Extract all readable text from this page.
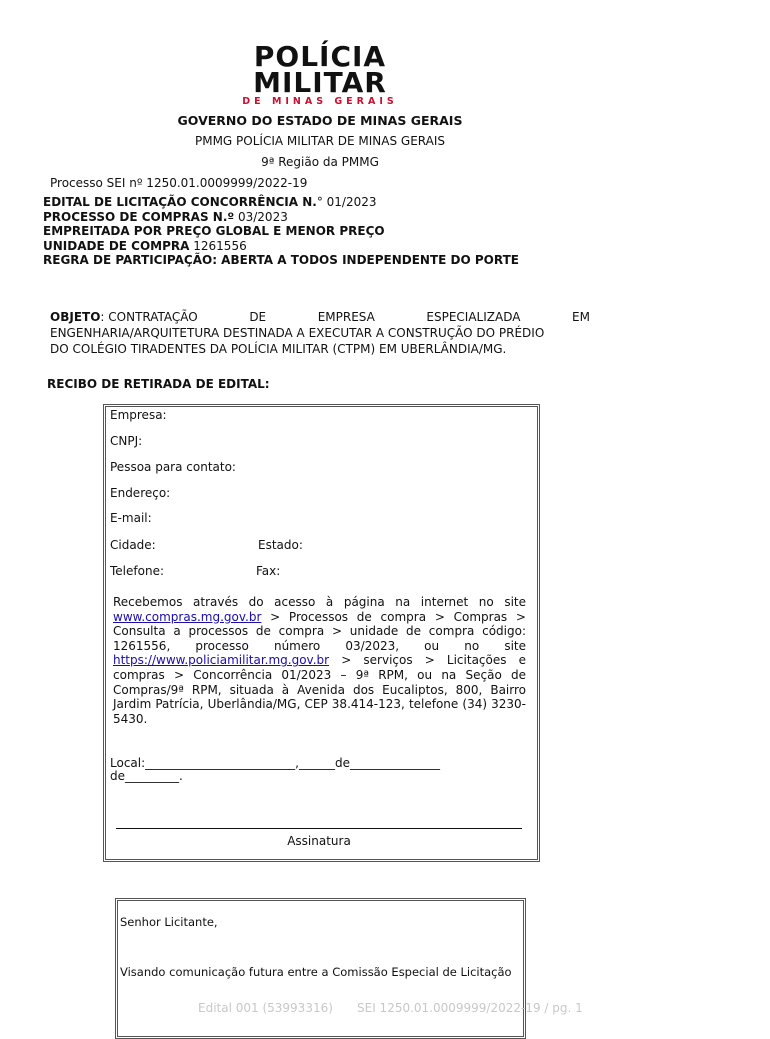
POLÍCIA
MILITAR
DE MINAS GERAIS
GOVERNO DO ESTADO DE MINAS GERAIS
PMMG POLÍCIA MILITAR DE MINAS GERAIS
9ª Região da PMMG
Processo SEI nº 1250.01.0009999/2022-19
EDITAL DE LICITAÇÃO CONCORRÊNCIA N.° 01/2023
PROCESSO DE COMPRAS N.º 03/2023
EMPREITADA POR PREÇO GLOBAL E MENOR PREÇO
UNIDADE DE COMPRA 1261556
REGRA DE PARTICIPAÇÃO: ABERTA A TODOS INDEPENDENTE DO PORTE
OBJETO: CONTRATAÇÃO	DE	EMPRESA	ESPECIALIZADA	EM
ENGENHARIA/ARQUITETURA DESTINADA A EXECUTAR A CONSTRUÇÃO DO PRÉDIO
DO COLÉGIO TIRADENTES DA POLÍCIA MILITAR (CTPM) EM UBERLÂNDIA/MG.
RECIBO DE RETIRADA DE EDITAL:
Empresa:
CNPJ:
Pessoa para contato:
Endereço:
E-mail:
Cidade:	Estado:
Telefone:	Fax:
Recebemos através do acesso à página na internet no site www.compras.mg.gov.br > Processos de compra > Compras > Consulta a processos de compra > unidade de compra código: 1261556, processo número 03/2023, ou no site https://www.policiamilitar.mg.gov.br > serviços > Licitações e compras > Concorrência 01/2023 – 9ª RPM, ou na Seção de Compras/9ª RPM, situada à Avenida dos Eucaliptos, 800, Bairro Jardim Patrícia, Uberlândia/MG, CEP 38.414-123, telefone (34) 3230-5430.
Local:_________________________,______de_______________
de_________.
Assinatura
Senhor Licitante,
Visando comunicação futura entre a Comissão Especial de Licitação
Edital 001 (53993316) SEI 1250.01.0009999/2022-19 / pg. 1
